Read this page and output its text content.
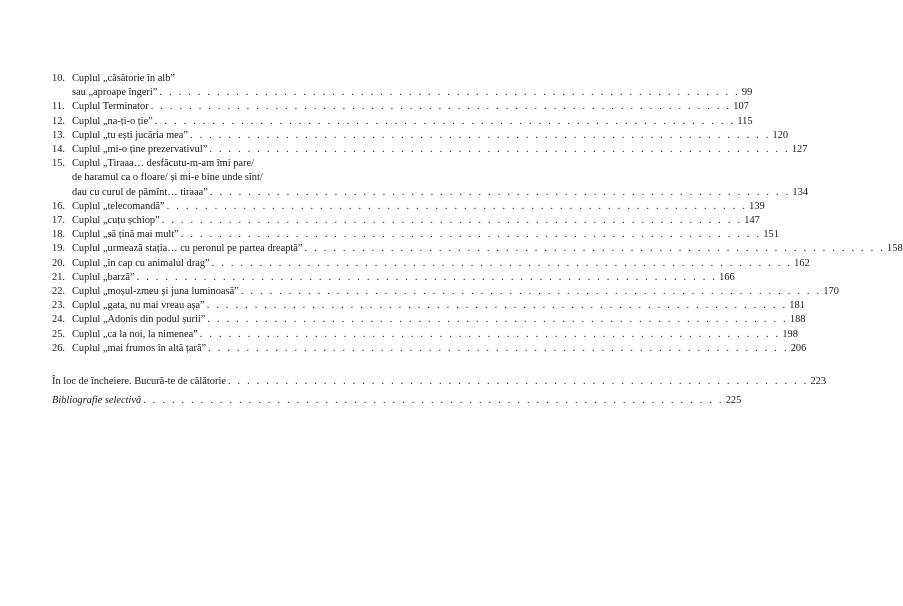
10. Cuplul „căsătorie în alb”
sau „aproape îngeri” . . . . . . . . . . . . . . . . . . . . . . . . . . . . . . . . . . . . . . . . . . . . . . . . . . . . . . . . . . . . . 99
11. Cuplul Terminator . . . . . . . . . . . . . . . . . . . . . . . . . . . . . . . . . . . . . . . . . . . . . . . . . . . . . . . . . . . . . 107
12. Cuplul „na-ți-o ție” . . . . . . . . . . . . . . . . . . . . . . . . . . . . . . . . . . . . . . . . . . . . . . . . . . . . . . . . . . . . . 115
13. Cuplul „tu ești jucăria mea” . . . . . . . . . . . . . . . . . . . . . . . . . . . . . . . . . . . . . . . . . . . . . . . . . . . . . . . . . . . . . 120
14. Cuplul „mi-o ține prezervativul” . . . . . . . . . . . . . . . . . . . . . . . . . . . . . . . . . . . . . . . . . . . . . . . . . . . . . . . . . . . . . 127
15. Cuplul „Tiraaa… desfăcutu-m-am îmi pare/
de haramul ca o floare/ și mi-e bine unde sînt/
dau cu curul de pămînt… tiraaa” . . . . . . . . . . . . . . . . . . . . . . . . . . . . . . . . . . . . . . . . . . . . . . . . . . . . . . . . . . . . . 134
16. Cuplul „telecomandă” . . . . . . . . . . . . . . . . . . . . . . . . . . . . . . . . . . . . . . . . . . . . . . . . . . . . . . . . . . . . . 139
17. Cuplul „cuțu șchiop” . . . . . . . . . . . . . . . . . . . . . . . . . . . . . . . . . . . . . . . . . . . . . . . . . . . . . . . . . . . . . 147
18. Cuplul „să țină mai mult” . . . . . . . . . . . . . . . . . . . . . . . . . . . . . . . . . . . . . . . . . . . . . . . . . . . . . . . . . . . . . 151
19. Cuplul „urmează stația… cu peronul pe partea dreaptă” . . . . . . . . . . . . . . . . . . . . . . . . . . . . . . . . . . . . . . . . . . . . . . . . . . . . . . . . . . . . . 158
20. Cuplul „în cap cu animalul drag” . . . . . . . . . . . . . . . . . . . . . . . . . . . . . . . . . . . . . . . . . . . . . . . . . . . . . . . . . . . . . 162
21. Cuplul „barză” . . . . . . . . . . . . . . . . . . . . . . . . . . . . . . . . . . . . . . . . . . . . . . . . . . . . . . . . . . . . . 166
22. Cuplul „moșul-zmeu și juna luminoasă” . . . . . . . . . . . . . . . . . . . . . . . . . . . . . . . . . . . . . . . . . . . . . . . . . . . . . . . . . . . . . 170
23. Cuplul „gata, nu mai vreau așa” . . . . . . . . . . . . . . . . . . . . . . . . . . . . . . . . . . . . . . . . . . . . . . . . . . . . . . . . . . . . . 181
24. Cuplul „Adonis din podul șurii” . . . . . . . . . . . . . . . . . . . . . . . . . . . . . . . . . . . . . . . . . . . . . . . . . . . . . . . . . . . . . 188
25. Cuplul „ca la noi, la nimenea” . . . . . . . . . . . . . . . . . . . . . . . . . . . . . . . . . . . . . . . . . . . . . . . . . . . . . . . . . . . . . 198
26. Cuplul „mai frumos în altă țară” . . . . . . . . . . . . . . . . . . . . . . . . . . . . . . . . . . . . . . . . . . . . . . . . . . . . . . . . . . . . . 206
În loc de încheiere. Bucură-te de călătorie . . . . . . . . . . . . . . . . . . . . . . . . . . . . . . . . . . . . . . . . . . . . . . . . . . . . . . . . . . . . . 223
Bibliografie selectivă . . . . . . . . . . . . . . . . . . . . . . . . . . . . . . . . . . . . . . . . . . . . . . . . . . . . . . . . . . . . . 225
